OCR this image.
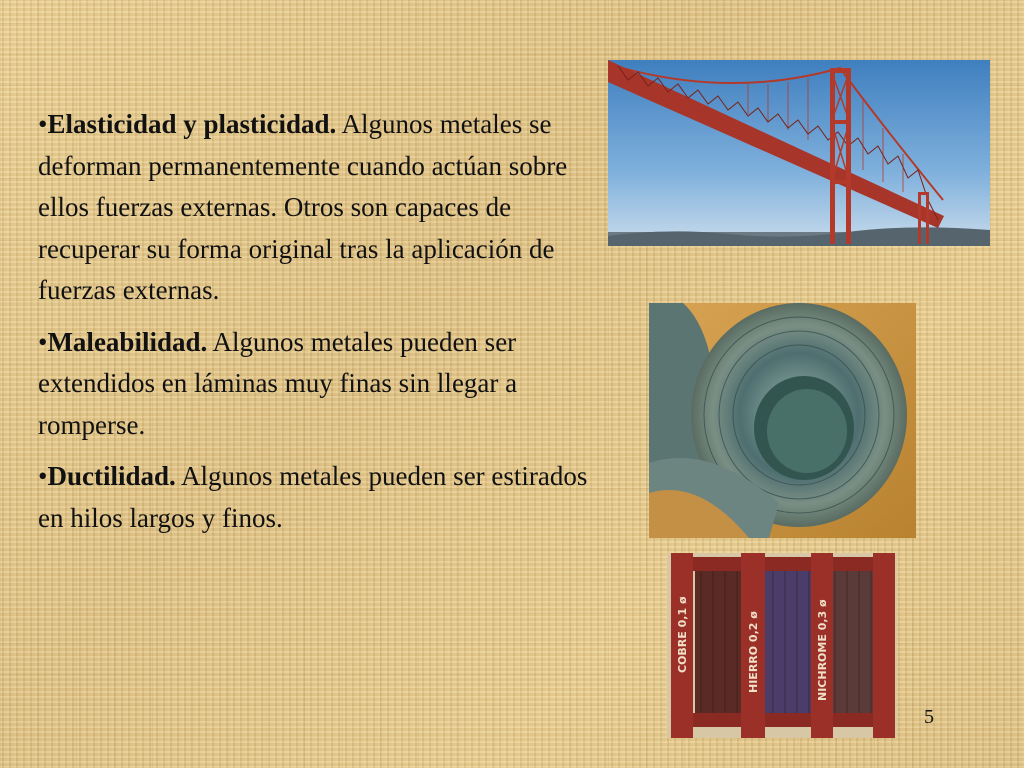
•Elasticidad y plasticidad. Algunos metales se deforman permanentemente cuando actúan sobre ellos fuerzas externas. Otros son capaces de recuperar su forma original tras la aplicación de fuerzas externas.

•Maleabilidad. Algunos metales pueden ser extendidos en láminas muy finas sin llegar a romperse.

•Ductilidad. Algunos metales pueden ser estirados en hilos largos y finos.

COBRE 0,1 ø	HIERRO 0,2 ø	NICHROME 0,3 ø
5
